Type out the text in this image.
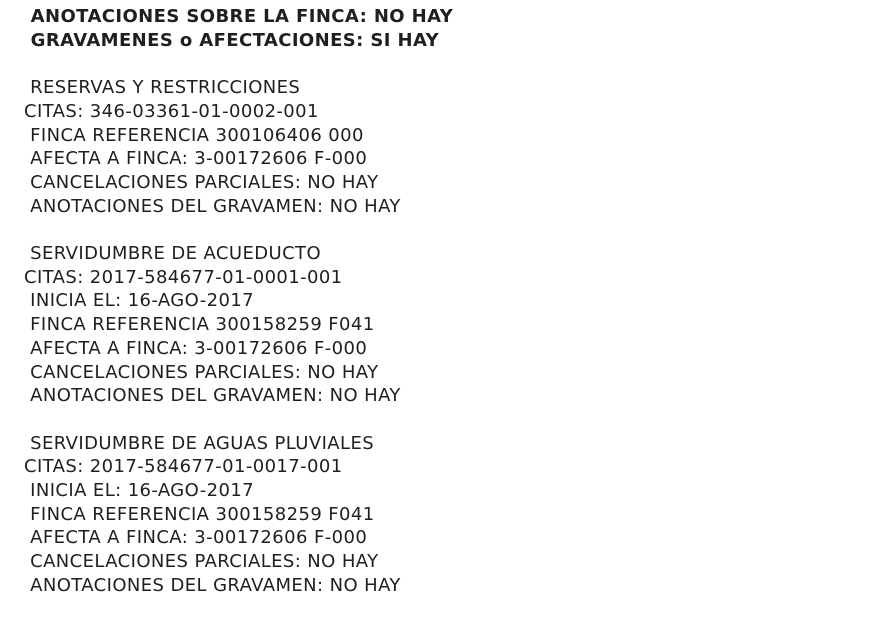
ANOTACIONES SOBRE LA FINCA: NO HAY
GRAVAMENES o AFECTACIONES: SI HAY
RESERVAS Y RESTRICCIONES
CITAS: 346-03361-01-0002-001
FINCA REFERENCIA 300106406 000
AFECTA A FINCA: 3-00172606 F-000
CANCELACIONES PARCIALES: NO HAY
ANOTACIONES DEL GRAVAMEN: NO HAY
SERVIDUMBRE DE ACUEDUCTO
CITAS: 2017-584677-01-0001-001
INICIA EL: 16-AGO-2017
FINCA REFERENCIA 300158259 F041
AFECTA A FINCA: 3-00172606 F-000
CANCELACIONES PARCIALES: NO HAY
ANOTACIONES DEL GRAVAMEN: NO HAY
SERVIDUMBRE DE AGUAS PLUVIALES
CITAS: 2017-584677-01-0017-001
INICIA EL: 16-AGO-2017
FINCA REFERENCIA 300158259 F041
AFECTA A FINCA: 3-00172606 F-000
CANCELACIONES PARCIALES: NO HAY
ANOTACIONES DEL GRAVAMEN: NO HAY
